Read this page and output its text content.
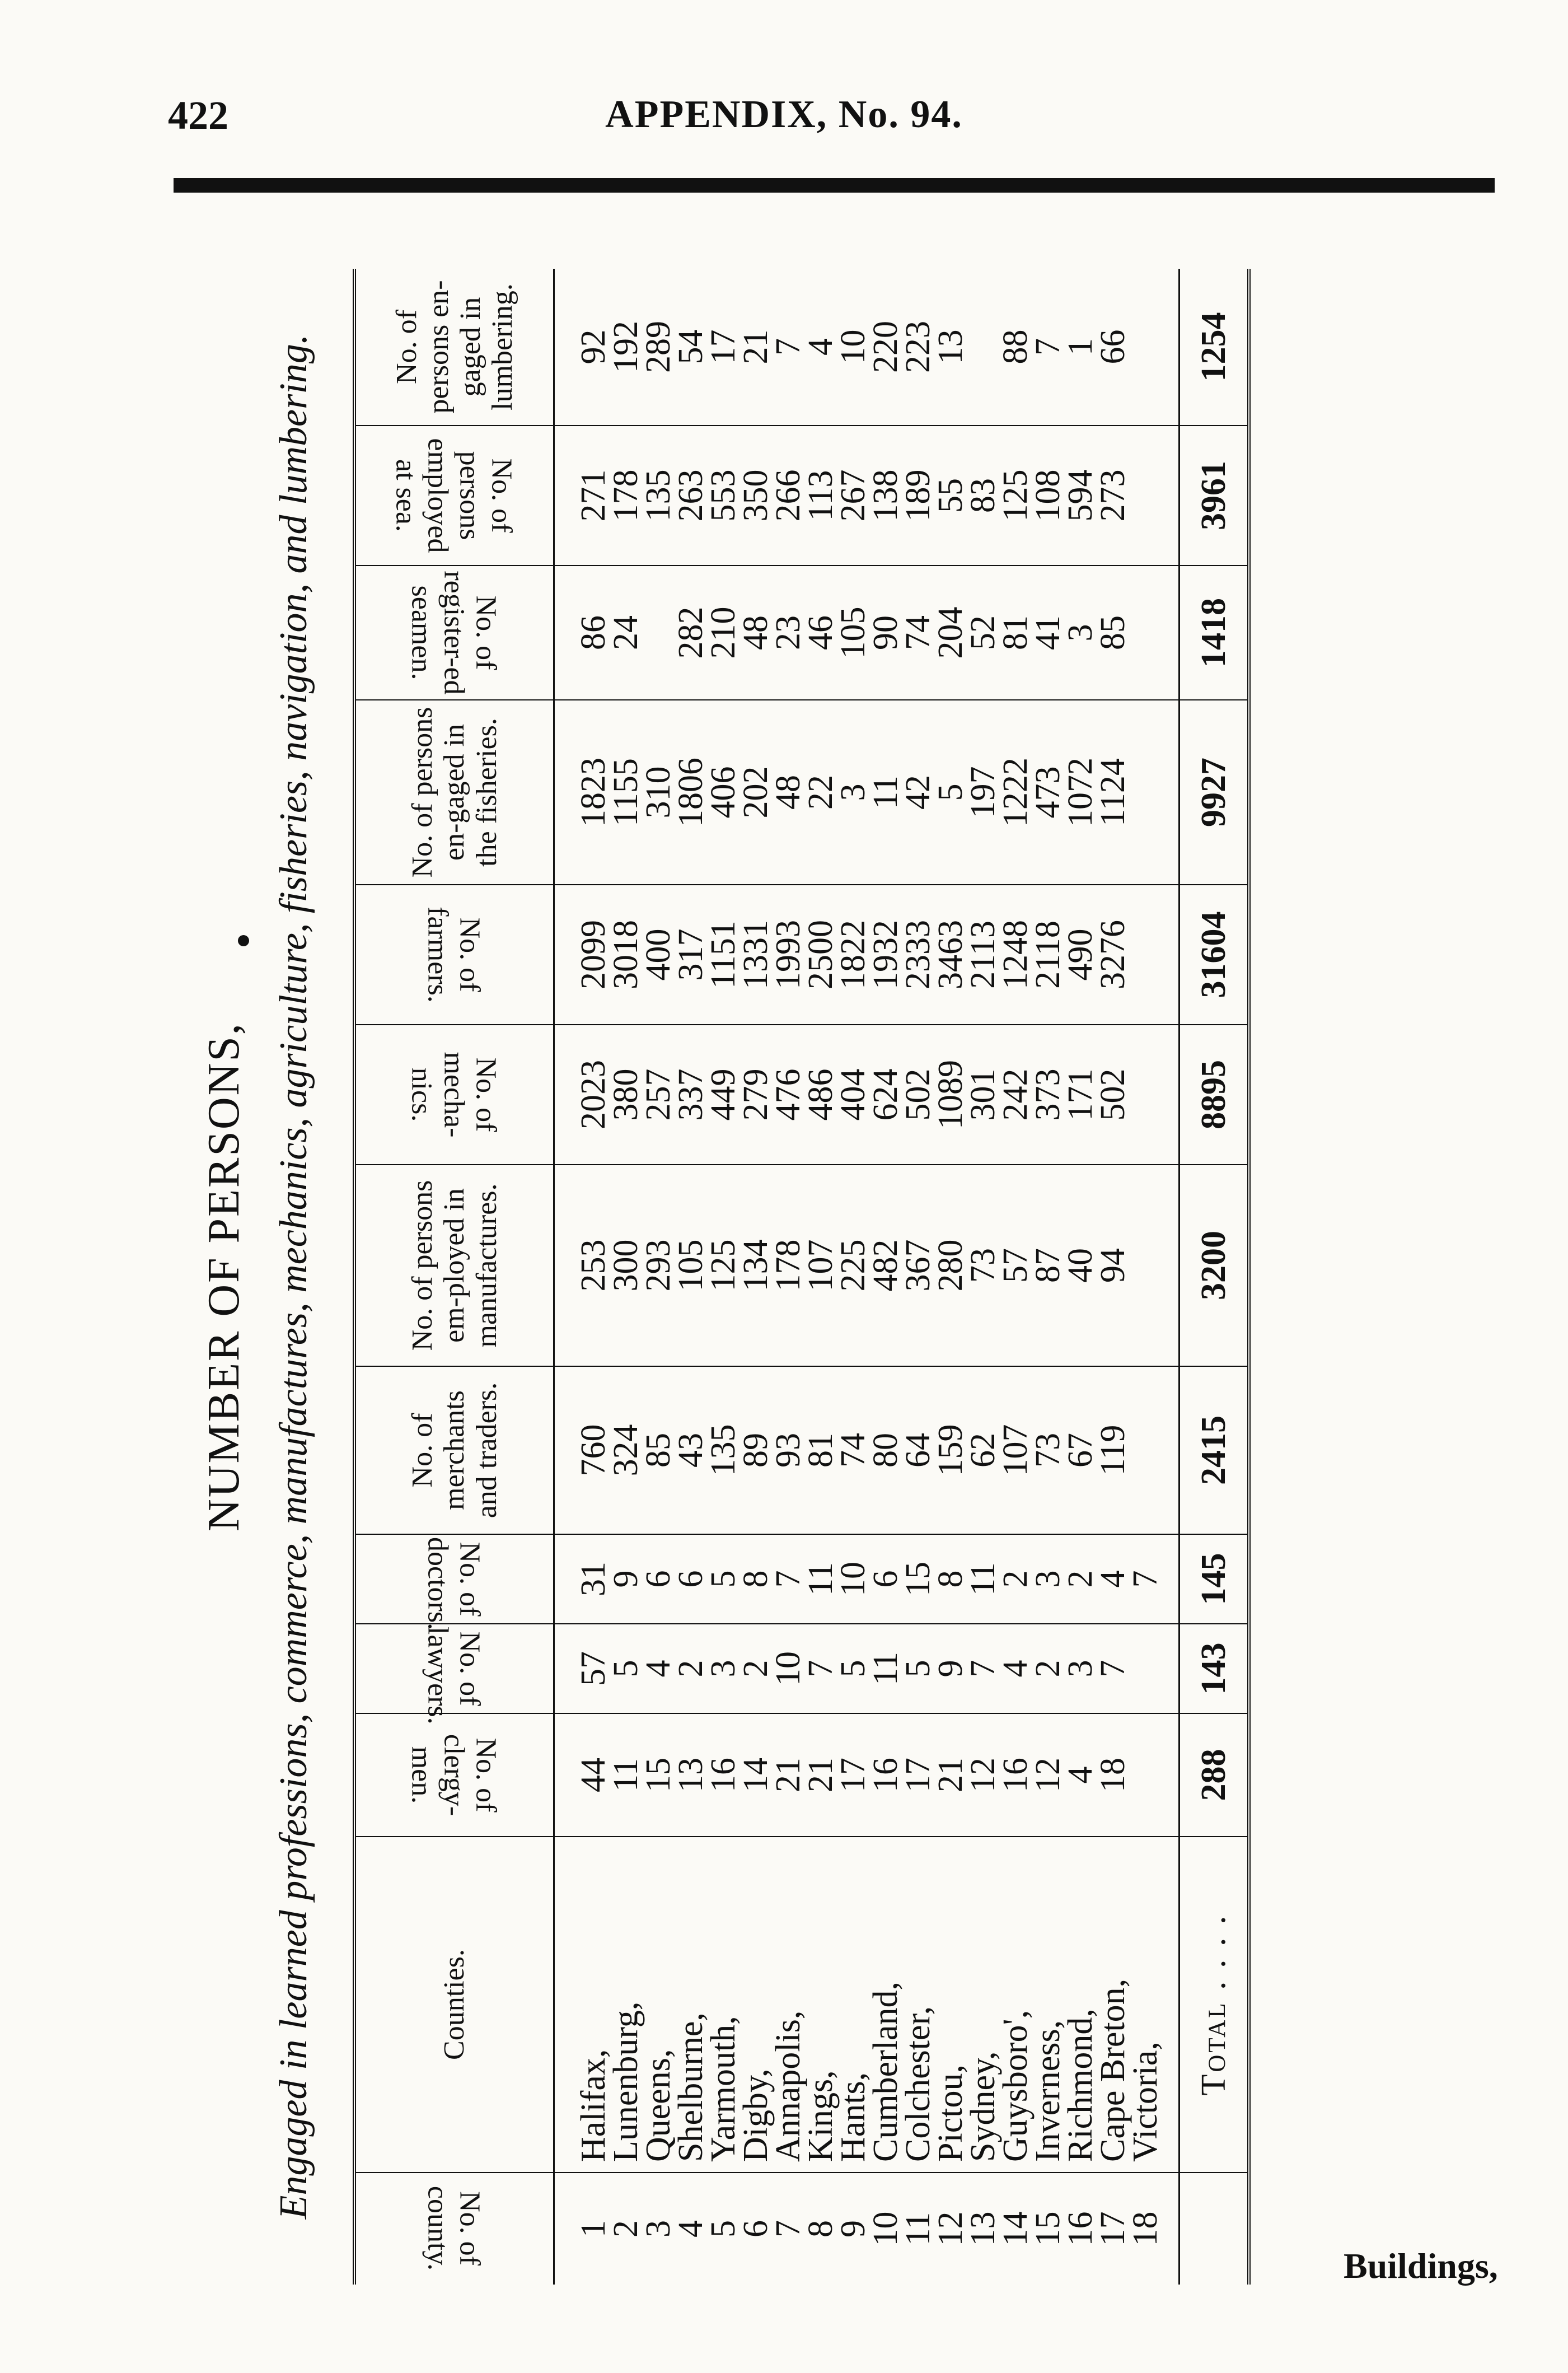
422	APPENDIX, No. 94.
NUMBER OF PERSONS, Engaged in learned professions, commerce, manufactures, mechanics, agriculture, fisheries, navigation, and lumbering.
No. of county.	Counties.	No. of clergy-men.	No. of lawyers.	No. of doctors.	No. of merchants and traders.	No. of persons em-ployed in manufactures.	No. of mecha-nics.	No. of farmers.	No. of persons en-gaged in the fisheries.	No. of register-ed seamen.	No. of persons employed at sea.	No. of persons en-gaged in lumbering.
1	Halifax,	44	57	31	760	253	2023	2099	1823	86	271	92
2	Lunenburg,	11	5	9	324	300	380	3018	1155	24	178	192
3	Queens,	15	4	6	85	293	257	400	310		135	289
4	Shelburne,	13	2	6	43	105	337	317	1806	282	263	54
5	Yarmouth,	16	3	5	135	125	449	1151	406	210	553	17
6	Digby,	14	2	8	89	134	279	1331	202	48	350	21
7	Annapolis,	21	10	7	93	178	476	1993	48	23	266	7
8	Kings,	21	7	11	81	107	486	2500	22	46	113	4
9	Hants,	17	5	10	74	225	404	1822	3	105	267	10
10	Cumberland,	16	11	6	80	482	624	1932	11	90	138	220
11	Colchester,	17	5	15	64	367	502	2333	42	74	189	223
12	Pictou,	21	9	8	159	280	1089	3463	5	204	55	13
13	Sydney,	12	7	11	62	73	301	2113	197	52	83	
14	Guysboro',	16	4	2	107	57	242	1248	1222	81	125	88
15	Inverness,	12	2	3	73	87	373	2118	473	41	108	7
16	Richmond,	4	3	2	67	40	171	490	1072	3	594	1
17	Cape Breton,	18	7	4	119	94	502	3276	1124	85	273	66
18	Victoria,			7								
	Total . . . .	288	143	145	2415	3200	8895	31604	9927	1418	3961	1254
Buildings,
